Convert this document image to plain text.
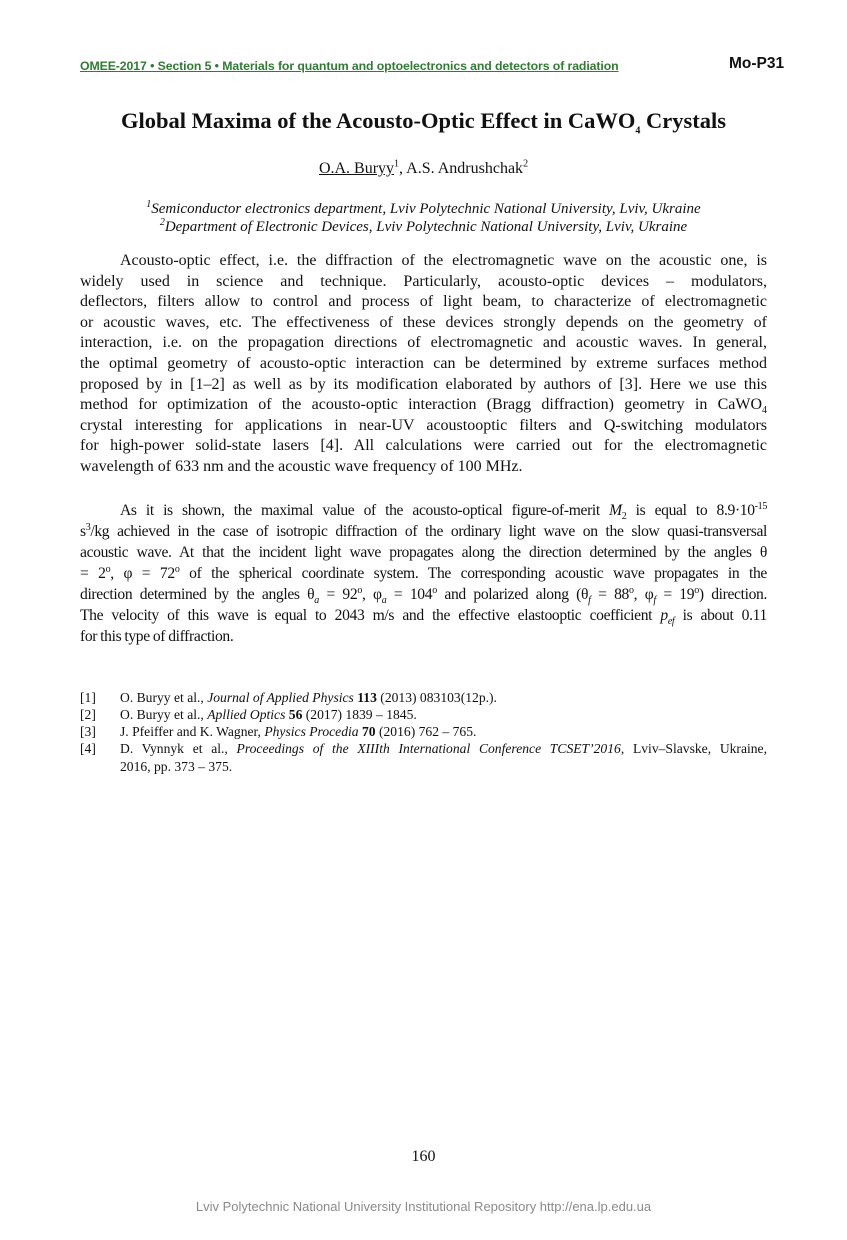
OMEE-2017 • Section 5 • Materials for quantum and optoelectronics and detectors of radiation	Mo-P31
Global Maxima of the Acousto-Optic Effect in CaWO$_4$ Crystals
O.A. Buryy$^1$, A.S. Andrushchak$^2$
$^1$Semiconductor electronics department, Lviv Polytechnic National University, Lviv, Ukraine
$^2$Department of Electronic Devices, Lviv Polytechnic National University, Lviv, Ukraine
Acousto-optic effect, i.e. the diffraction of the electromagnetic wave on the acoustic one, is
widely used in science and technique. Particularly, acousto-optic devices – modulators,
deflectors, filters allow to control and process of light beam, to characterize of electromagnetic
or acoustic waves, etc. The effectiveness of these devices strongly depends on the geometry of
interaction, i.e. on the propagation directions of electromagnetic and acoustic waves. In general,
the optimal geometry of acousto-optic interaction can be determined by extreme surfaces method
proposed by in [1–2] as well as by its modification elaborated by authors of [3]. Here we use this
method for optimization of the acousto-optic interaction (Bragg diffraction) geometry in CaWO$_4$
crystal interesting for applications in near-UV acoustooptic filters and Q-switching modulators
for high-power solid-state lasers [4]. All calculations were carried out for the electromagnetic
wavelength of 633 nm and the acoustic wave frequency of 100 MHz.
As it is shown, the maximal value of the acousto-optical figure-of-merit $M_2$ is equal to $8.9\cdot 10^{-15}$
$s^3/kg$ achieved in the case of isotropic diffraction of the ordinary light wave on the slow quasi-transversal
acoustic wave. At that the incident light wave propagates along the direction determined by the angles θ
= $2^o$, $\varphi = 72^o$ of the spherical coordinate system. The corresponding acoustic wave propagates in the
direction determined by the angles $\theta_a = 92^o$, $\varphi_a = 104^o$ and polarized along ($\theta_f = 88^o$, $\varphi_f = 19^o$) direction.
The velocity of this wave is equal to 2043 m/s and the effective elastooptic coefficient $p_{ef}$ is about 0.11
for this type of diffraction.
[1] O. Buryy et al., Journal of Applied Physics 113 (2013) 083103(12p.).
[2] O. Buryy et al., Apllied Optics 56 (2017) 1839 – 1845.
[3] J. Pfeiffer and K. Wagner, Physics Procedia 70 (2016) 762 – 765.
[4] D. Vynnyk et al., Proceedings of the XIIIth International Conference TCSET’2016, Lviv–Slavske, Ukraine,
2016, pp. 373 – 375.
160
Lviv Polytechnic National University Institutional Repository http://ena.lp.edu.ua
